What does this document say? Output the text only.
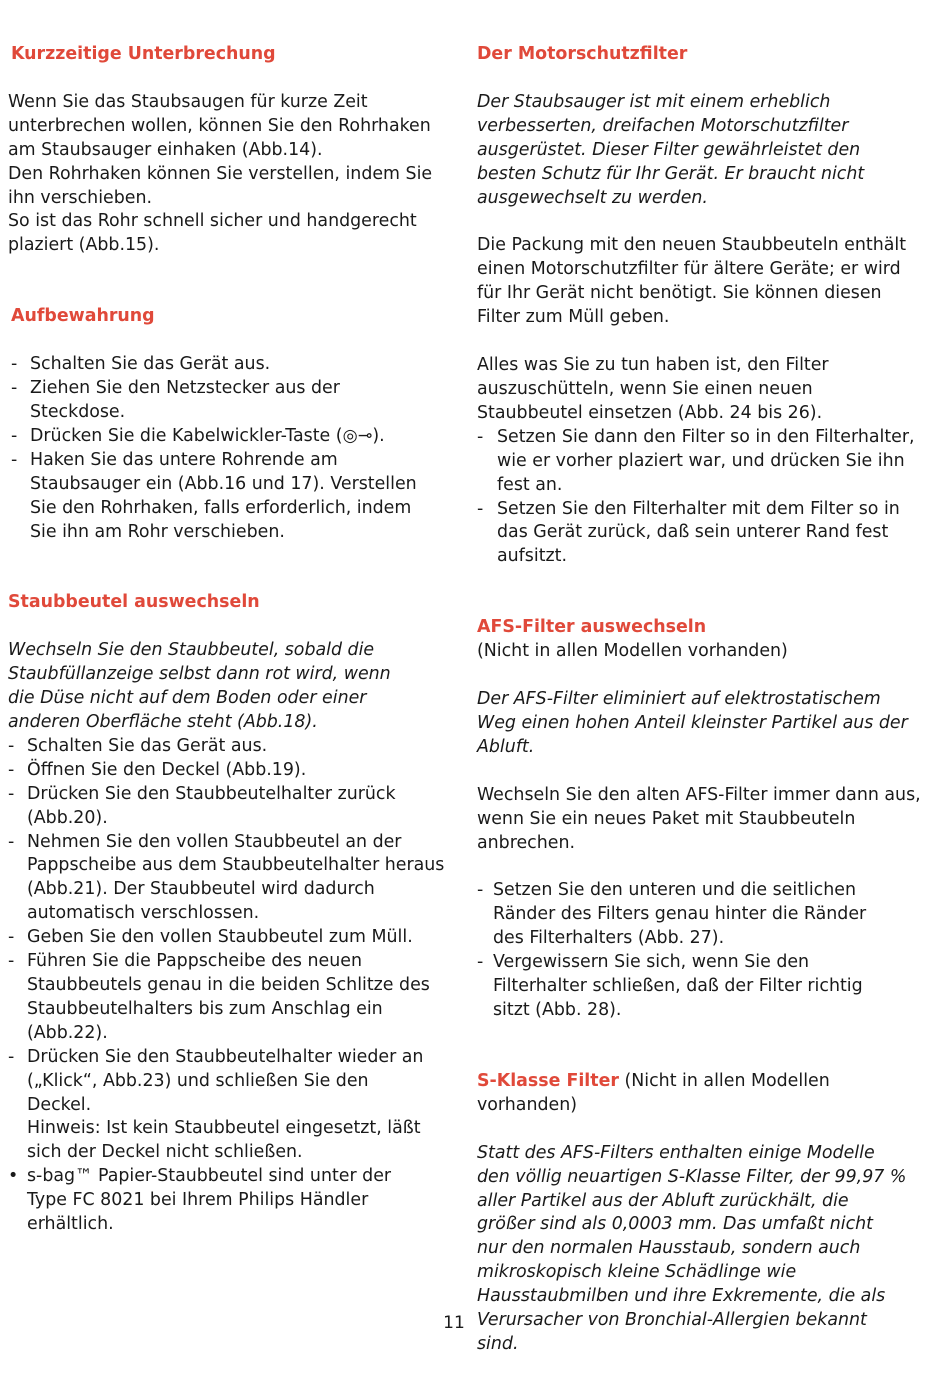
Kurzzeitige Unterbrechung
Wenn Sie das Staubsaugen für kurze Zeit
unterbrechen wollen, können Sie den Rohrhaken
am Staubsauger einhaken (Abb.14).
Den Rohrhaken können Sie verstellen, indem Sie
ihn verschieben.
So ist das Rohr schnell sicher und handgerecht
plaziert (Abb.15).
Aufbewahrung
- Schalten Sie das Gerät aus.
- Ziehen Sie den Netzstecker aus der Steckdose.
- Drücken Sie die Kabelwickler-Taste (◎⊸).
- Haken Sie das untere Rohrende am Staubsauger ein (Abb.16 und 17). Verstellen Sie den Rohrhaken, falls erforderlich, indem Sie ihn am Rohr verschieben.
Staubbeutel auswechseln

Wechseln Sie den Staubbeutel, sobald die Staubfüllanzeige selbst dann rot wird, wenn die Düse nicht auf dem Boden oder einer anderen Oberfläche steht (Abb.18).

- Schalten Sie das Gerät aus.
- Öffnen Sie den Deckel (Abb.19).
- Drücken Sie den Staubbeutelhalter zurück (Abb.20).
- Nehmen Sie den vollen Staubbeutel an der Pappscheibe aus dem Staubbeutelhalter heraus (Abb.21). Der Staubbeutel wird dadurch automatisch verschlossen.
- Geben Sie den vollen Staubbeutel zum Müll.
- Führen Sie die Pappscheibe des neuen Staubbeutels genau in die beiden Schlitze des Staubbeutelhalters bis zum Anschlag ein (Abb.22).
- Drücken Sie den Staubbeutelhalter wieder an („Klick“, Abb.23) und schließen Sie den Deckel.
Hinweis: Ist kein Staubbeutel eingesetzt, läßt sich der Deckel nicht schließen.
• s-bag™ Papier-Staubbeutel sind unter der Type FC 8021 bei Ihrem Philips Händler erhältlich.
Der Motorschutzfilter

Der Staubsauger ist mit einem erheblich verbesserten, dreifachen Motorschutzfilter ausgerüstet. Dieser Filter gewährleistet den besten Schutz für Ihr Gerät. Er braucht nicht ausgewechselt zu werden.

Die Packung mit den neuen Staubbeuteln enthält einen Motorschutzfilter für ältere Geräte; er wird für Ihr Gerät nicht benötigt. Sie können diesen Filter zum Müll geben.

Alles was Sie zu tun haben ist, den Filter auszuschütteln, wenn Sie einen neuen Staubbeutel einsetzen (Abb. 24 bis 26).

- Setzen Sie dann den Filter so in den Filterhalter, wie er vorher plaziert war, und drücken Sie ihn fest an.
- Setzen Sie den Filterhalter mit dem Filter so in das Gerät zurück, daß sein unterer Rand fest aufsitzt.
AFS-Filter auswechseln

(Nicht in allen Modellen vorhanden)

Der AFS-Filter eliminiert auf elektrostatischem Weg einen hohen Anteil kleinster Partikel aus der Abluft.

Wechseln Sie den alten AFS-Filter immer dann aus, wenn Sie ein neues Paket mit Staubbeuteln anbrechen.

- Setzen Sie den unteren und die seitlichen Ränder des Filters genau hinter die Ränder des Filterhalters (Abb. 27).
- Vergewissern Sie sich, wenn Sie den Filterhalter schließen, daß der Filter richtig sitzt (Abb. 28).

S-Klasse Filter (Nicht in allen Modellen vorhanden)

Statt des AFS-Filters enthalten einige Modelle den völlig neuartigen S-Klasse Filter, der 99,97 % aller Partikel aus der Abluft zurückhält, die größer sind als 0,0003 mm. Das umfaßt nicht nur den normalen Hausstaub, sondern auch mikroskopisch kleine Schädlinge wie Hausstaubmilben und ihre Exkremente, die als Verursacher von Bronchial-Allergien bekannt sind.

11
